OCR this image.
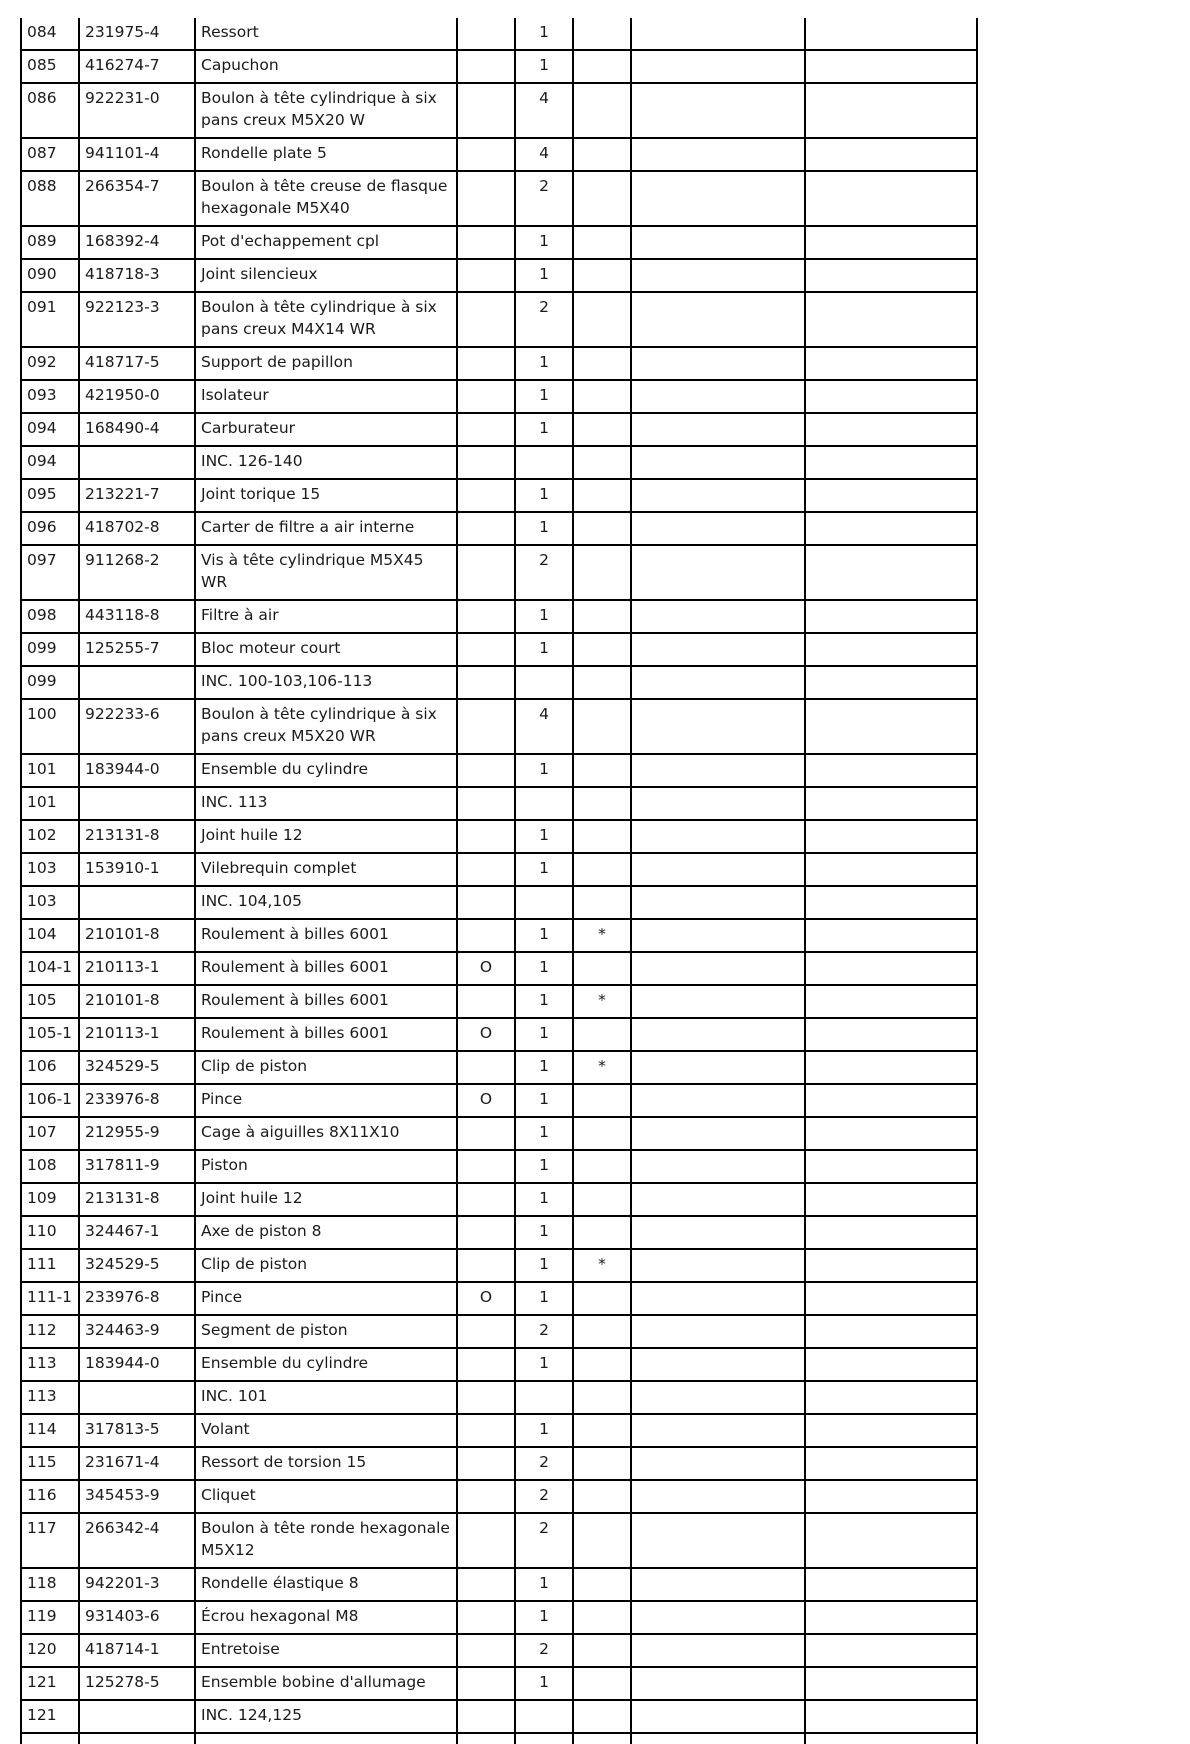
084	231975-4	Ressort		1			
085	416274-7	Capuchon		1			
086	922231-0	Boulon à tête cylindrique à six pans creux M5X20 W		4			
087	941101-4	Rondelle plate 5		4			
088	266354-7	Boulon à tête creuse de flasque hexagonale M5X40		2			
089	168392-4	Pot d'echappement cpl		1			
090	418718-3	Joint silencieux		1			
091	922123-3	Boulon à tête cylindrique à six pans creux M4X14 WR		2			
092	418717-5	Support de papillon		1			
093	421950-0	Isolateur		1			
094	168490-4	Carburateur		1			
094		INC. 126-140					
095	213221-7	Joint torique 15		1			
096	418702-8	Carter de filtre a air interne		1			
097	911268-2	Vis à tête cylindrique M5X45 WR		2			
098	443118-8	Filtre à air		1			
099	125255-7	Bloc moteur court		1			
099		INC. 100-103,106-113					
100	922233-6	Boulon à tête cylindrique à six pans creux M5X20 WR		4			
101	183944-0	Ensemble du cylindre		1			
101		INC. 113					
102	213131-8	Joint huile 12		1			
103	153910-1	Vilebrequin complet		1			
103		INC. 104,105					
104	210101-8	Roulement à billes 6001		1	*		
104-1	210113-1	Roulement à billes 6001	O	1			
105	210101-8	Roulement à billes 6001		1	*		
105-1	210113-1	Roulement à billes 6001	O	1			
106	324529-5	Clip de piston		1	*		
106-1	233976-8	Pince	O	1			
107	212955-9	Cage à aiguilles 8X11X10		1			
108	317811-9	Piston		1			
109	213131-8	Joint huile 12		1			
110	324467-1	Axe de piston 8		1			
111	324529-5	Clip de piston		1	*		
111-1	233976-8	Pince	O	1			
112	324463-9	Segment de piston		2			
113	183944-0	Ensemble du cylindre		1			
113		INC. 101					
114	317813-5	Volant		1			
115	231671-4	Ressort de torsion 15		2			
116	345453-9	Cliquet		2			
117	266342-4	Boulon à tête ronde hexagonale M5X12		2			
118	942201-3	Rondelle élastique 8		1			
119	931403-6	Écrou hexagonal M8		1			
120	418714-1	Entretoise		2			
121	125278-5	Ensemble bobine d'allumage		1			
121		INC. 124,125					
